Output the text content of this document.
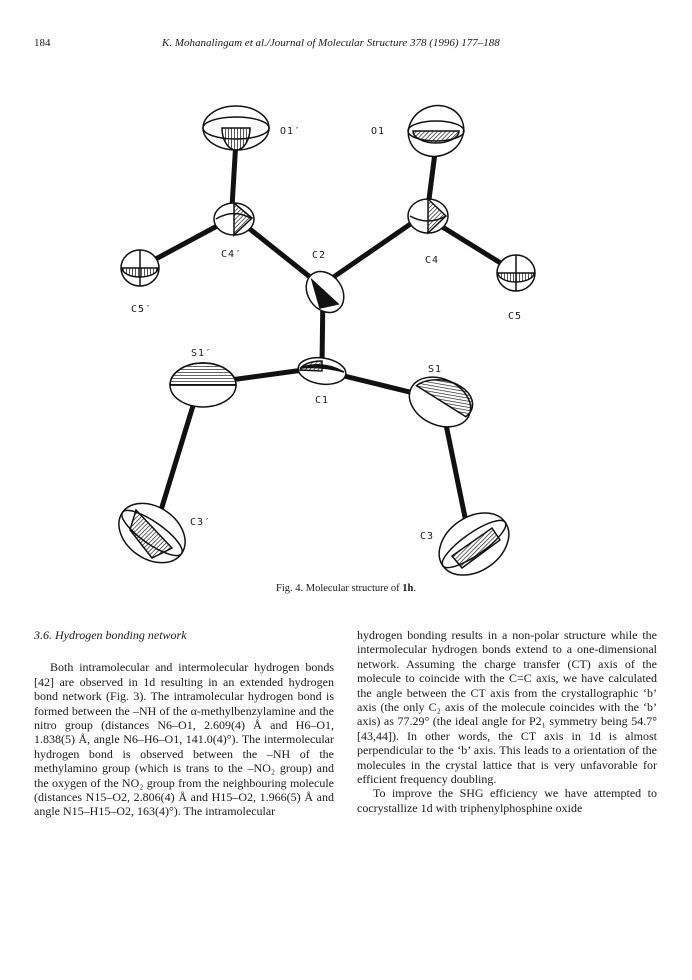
184	K. Mohanalingam et al./Journal of Molecular Structure 378 (1996) 177–188
O1′	O1
C4′	C2	C4
C5′
C5
S1′
S1
C1
C3′
C3
Fig. 4. Molecular structure of 1h.

3.6. Hydrogen bonding network

Both intramolecular and intermolecular hydrogen bonds [42] are observed in 1d resulting in an extended hydrogen bond network (Fig. 3). The intramolecular hydrogen bond is formed between the –NH of the α-methylbenzylamine and the nitro group (distances N6–O1, 2.609(4) Å and H6–O1, 1.838(5) Å, angle N6–H6–O1, 141.0(4)°). The intermolecular hydrogen bond is observed between the –NH of the methylamino group (which is trans to the –NO₂ group) and the oxygen of the NO₂ group from the neighbouring molecule (distances N15–O2, 2.806(4) Å and H15–O2, 1.966(5) Å and angle N15–H15–O2, 163(4)°). The intramolecular

hydrogen bonding results in a non-polar structure while the intermolecular hydrogen bonds extend to a one-dimensional network. Assuming the charge transfer (CT) axis of the molecule to coincide with the C=C axis, we have calculated the angle between the CT axis from the crystallographic ‘b’ axis (the only C₂ axis of the molecule coincides with the ‘b’ axis) as 77.29° (the ideal angle for P2₁ symmetry being 54.7° [43,44]). In other words, the CT axis in 1d is almost perpendicular to the ‘b’ axis. This leads to a orientation of the molecules in the crystal lattice that is very unfavorable for efficient frequency doubling.

To improve the SHG efficiency we have attempted to cocrystallize 1d with triphenylphosphine oxide
